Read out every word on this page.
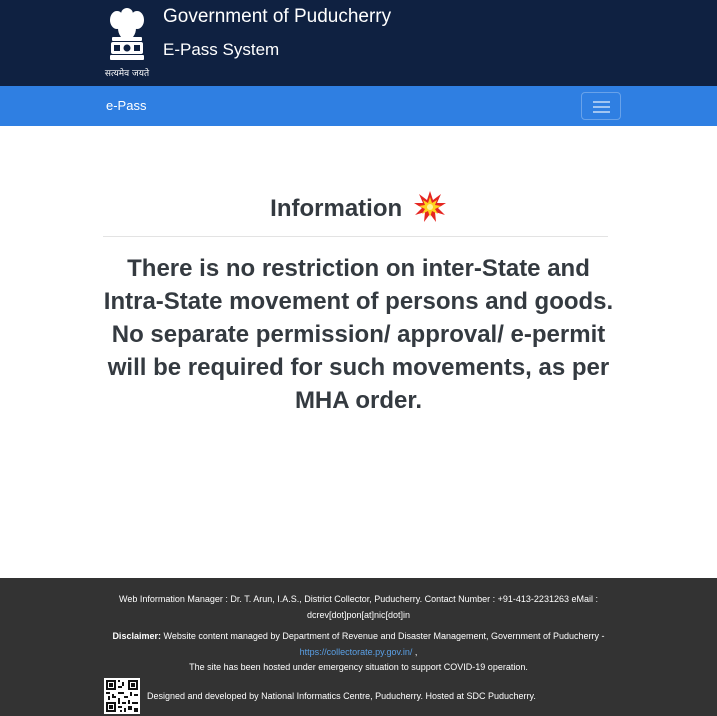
सत्यमेव जयते
Government of Puducherry
E-Pass System
e-Pass
Information

There is no restriction on inter-State and Intra-State movement of persons and goods. No separate permission/ approval/ e-permit will be required for such movements, as per MHA order.

Web Information Manager : Dr. T. Arun, I.A.S., District Collector, Puducherry. Contact Number : +91-413-2231263 eMail : dcrev[dot]pon[at]nic[dot]in

Disclaimer: Website content managed by Department of Revenue and Disaster Management, Government of Puducherry - https://collectorate.py.gov.in/ ,

The site has been hosted under emergency situation to support COVID-19 operation.

Designed and developed by National Informatics Centre, Puducherry. Hosted at SDC Puducherry.
